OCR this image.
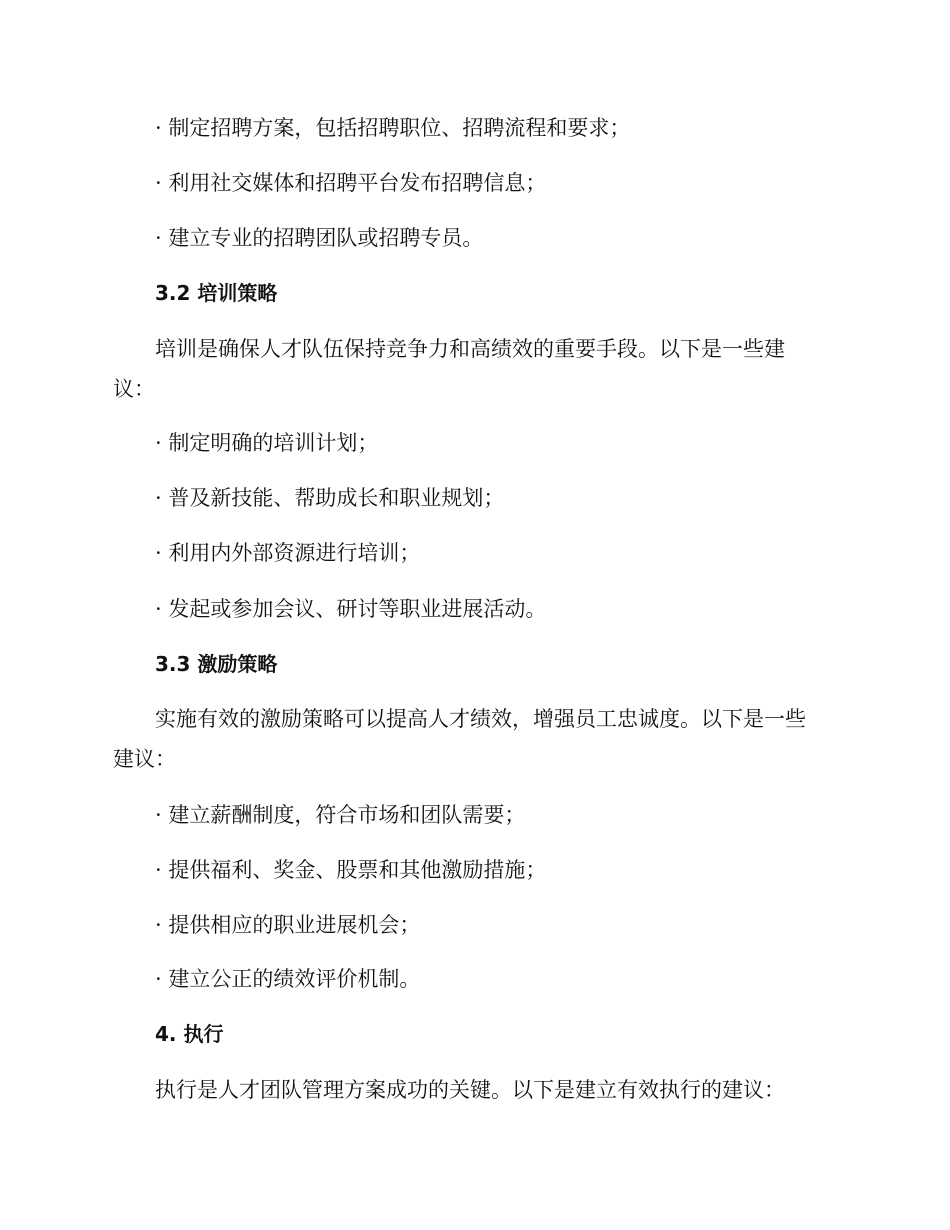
· 制定招聘方案，包括招聘职位、招聘流程和要求；
· 利用社交媒体和招聘平台发布招聘信息；
· 建立专业的招聘团队或招聘专员。
3.2 培训策略
培训是确保人才队伍保持竞争力和高绩效的重要手段。以下是一些建
议：
· 制定明确的培训计划；
· 普及新技能、帮助成长和职业规划；
· 利用内外部资源进行培训；
· 发起或参加会议、研讨等职业进展活动。
3.3 激励策略
实施有效的激励策略可以提高人才绩效，增强员工忠诚度。以下是一些
建议：
· 建立薪酬制度，符合市场和团队需要；
· 提供福利、奖金、股票和其他激励措施；
· 提供相应的职业进展机会；
· 建立公正的绩效评价机制。
4. 执行
执行是人才团队管理方案成功的关键。以下是建立有效执行的建议：
